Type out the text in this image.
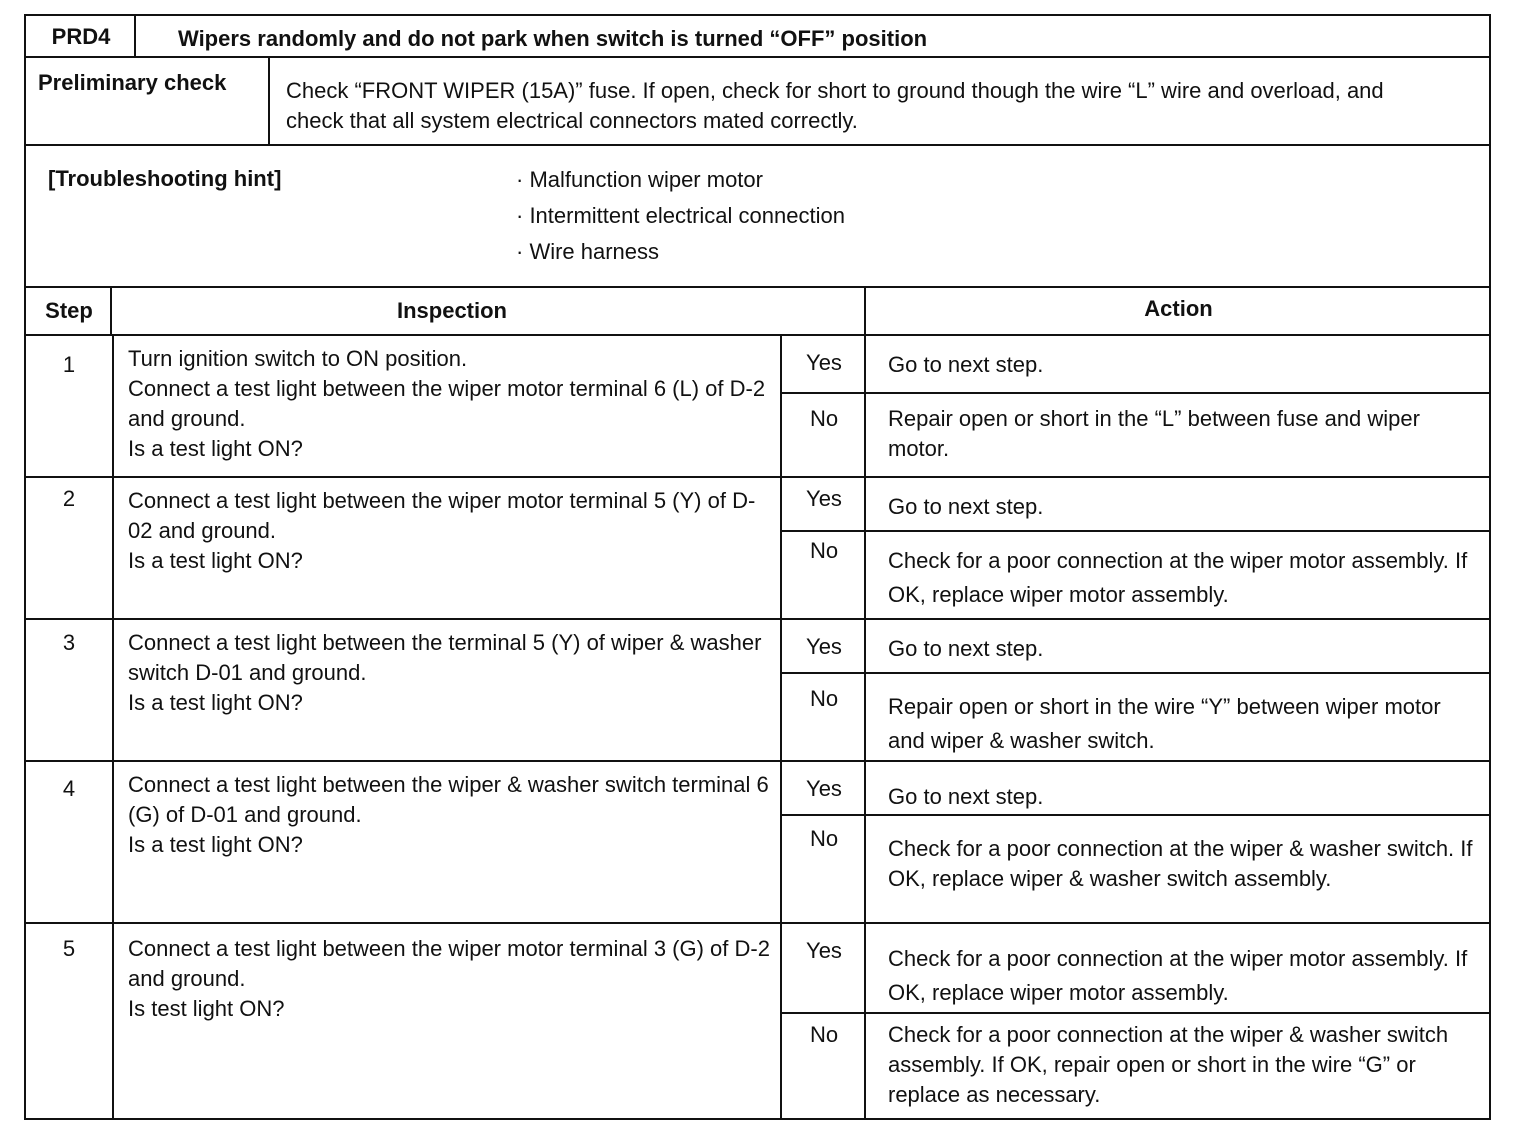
PRD4	Wipers randomly and do not park when switch is turned “OFF” position
Preliminary check	Check “FRONT WIPER (15A)” fuse. If open, check for short to ground though the wire “L” wire and overload, and check that all system electrical connectors mated correctly.
[Troubleshooting hint]	· Malfunction wiper motor
· Intermittent electrical connection
· Wire harness
Step	Inspection	Action
1	Turn ignition switch to ON position.
Connect a test light between the wiper motor terminal 6 (L) of D-2 and ground.
Is a test light ON?
Yes	Go to next step.
No	Repair open or short in the “L” between fuse and wiper motor.
2	Connect a test light between the wiper motor terminal 5 (Y) of D-02 and ground.
Is a test light ON?
Yes	Go to next step.
No	Check for a poor connection at the wiper motor assembly. If OK, replace wiper motor assembly.
3	Connect a test light between the terminal 5 (Y) of wiper & washer switch D-01 and ground.
Is a test light ON?
Yes	Go to next step.
No	Repair open or short in the wire “Y” between wiper motor and wiper & washer switch.
4	Connect a test light between the wiper & washer switch terminal 6 (G) of D-01 and ground.
Is a test light ON?
Yes	Go to next step.
No	Check for a poor connection at the wiper & washer switch. If OK, replace wiper & washer switch assembly.
5	Connect a test light between the wiper motor terminal 3 (G) of D-2 and ground.
Is test light ON?
Yes	Check for a poor connection at the wiper motor assembly. If OK, replace wiper motor assembly.
No	Check for a poor connection at the wiper & washer switch assembly. If OK, repair open or short in the wire “G” or replace as necessary.
